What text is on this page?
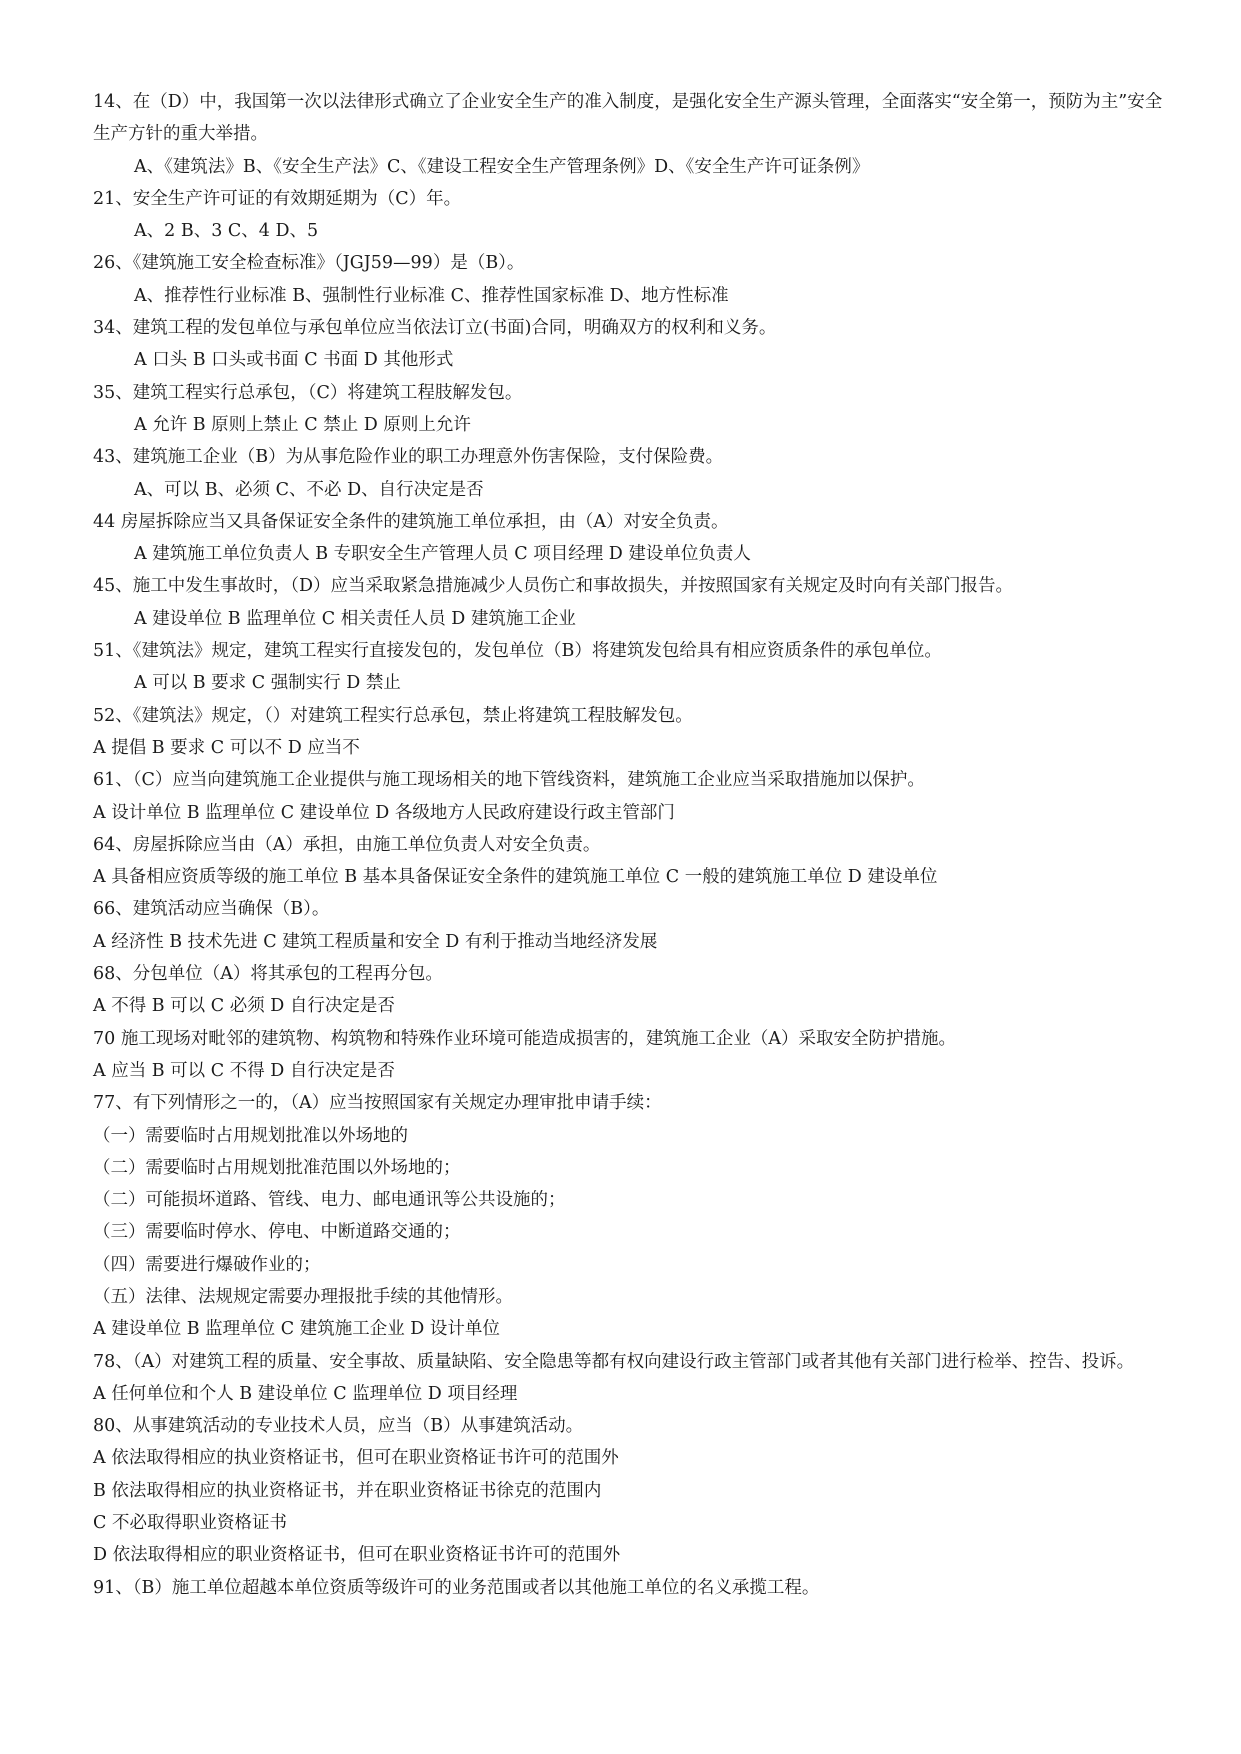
14、在（D）中，我国第一次以法律形式确立了企业安全生产的准入制度，是强化安全生产源头管理，全面落实“安全第一，预防为主”安全生产方针的重大举措。
A、《建筑法》B、《安全生产法》C、《建设工程安全生产管理条例》D、《安全生产许可证条例》
21、安全生产许可证的有效期延期为（C）年。
A、2 B、3 C、4 D、5
26、《建筑施工安全检查标准》（JGJ59—99）是（B）。
A、推荐性行业标准 B、强制性行业标准 C、推荐性国家标准 D、地方性标准
34、建筑工程的发包单位与承包单位应当依法订立(书面)合同，明确双方的权利和义务。
A 口头 B 口头或书面 C 书面 D 其他形式
35、建筑工程实行总承包，（C）将建筑工程肢解发包。
A 允许 B 原则上禁止 C 禁止 D 原则上允许
43、建筑施工企业（B）为从事危险作业的职工办理意外伤害保险，支付保险费。
A、可以 B、必须 C、不必 D、自行决定是否
44 房屋拆除应当又具备保证安全条件的建筑施工单位承担，由（A）对安全负责。
A 建筑施工单位负责人 B 专职安全生产管理人员 C 项目经理 D 建设单位负责人
45、施工中发生事故时，（D）应当采取紧急措施减少人员伤亡和事故损失，并按照国家有关规定及时向有关部门报告。
A 建设单位 B 监理单位 C 相关责任人员 D 建筑施工企业
51、《建筑法》规定，建筑工程实行直接发包的，发包单位（B）将建筑发包给具有相应资质条件的承包单位。
A 可以 B 要求 C 强制实行 D 禁止
52、《建筑法》规定，（）对建筑工程实行总承包，禁止将建筑工程肢解发包。
A 提倡 B 要求 C 可以不 D 应当不
61、（C）应当向建筑施工企业提供与施工现场相关的地下管线资料，建筑施工企业应当采取措施加以保护。
A 设计单位 B 监理单位 C 建设单位 D 各级地方人民政府建设行政主管部门
64、房屋拆除应当由（A）承担，由施工单位负责人对安全负责。
A 具备相应资质等级的施工单位 B 基本具备保证安全条件的建筑施工单位 C 一般的建筑施工单位 D 建设单位
66、建筑活动应当确保（B）。
A 经济性 B 技术先进 C 建筑工程质量和安全 D 有利于推动当地经济发展
68、分包单位（A）将其承包的工程再分包。
A 不得 B 可以 C 必须 D 自行决定是否
70 施工现场对毗邻的建筑物、构筑物和特殊作业环境可能造成损害的，建筑施工企业（A）采取安全防护措施。
A 应当 B 可以 C 不得 D 自行决定是否
77、有下列情形之一的，（A）应当按照国家有关规定办理审批申请手续：
（一）需要临时占用规划批准以外场地的
（二）需要临时占用规划批准范围以外场地的；
（二）可能损坏道路、管线、电力、邮电通讯等公共设施的；
（三）需要临时停水、停电、中断道路交通的；
（四）需要进行爆破作业的；
（五）法律、法规规定需要办理报批手续的其他情形。
A 建设单位 B 监理单位 C 建筑施工企业 D 设计单位
78、（A）对建筑工程的质量、安全事故、质量缺陷、安全隐患等都有权向建设行政主管部门或者其他有关部门进行检举、控告、投诉。
A 任何单位和个人 B 建设单位 C 监理单位 D 项目经理
80、从事建筑活动的专业技术人员，应当（B）从事建筑活动。
A 依法取得相应的执业资格证书，但可在职业资格证书许可的范围外
B 依法取得相应的执业资格证书，并在职业资格证书徐克的范围内
C 不必取得职业资格证书
D 依法取得相应的职业资格证书，但可在职业资格证书许可的范围外
91、（B）施工单位超越本单位资质等级许可的业务范围或者以其他施工单位的名义承揽工程。
